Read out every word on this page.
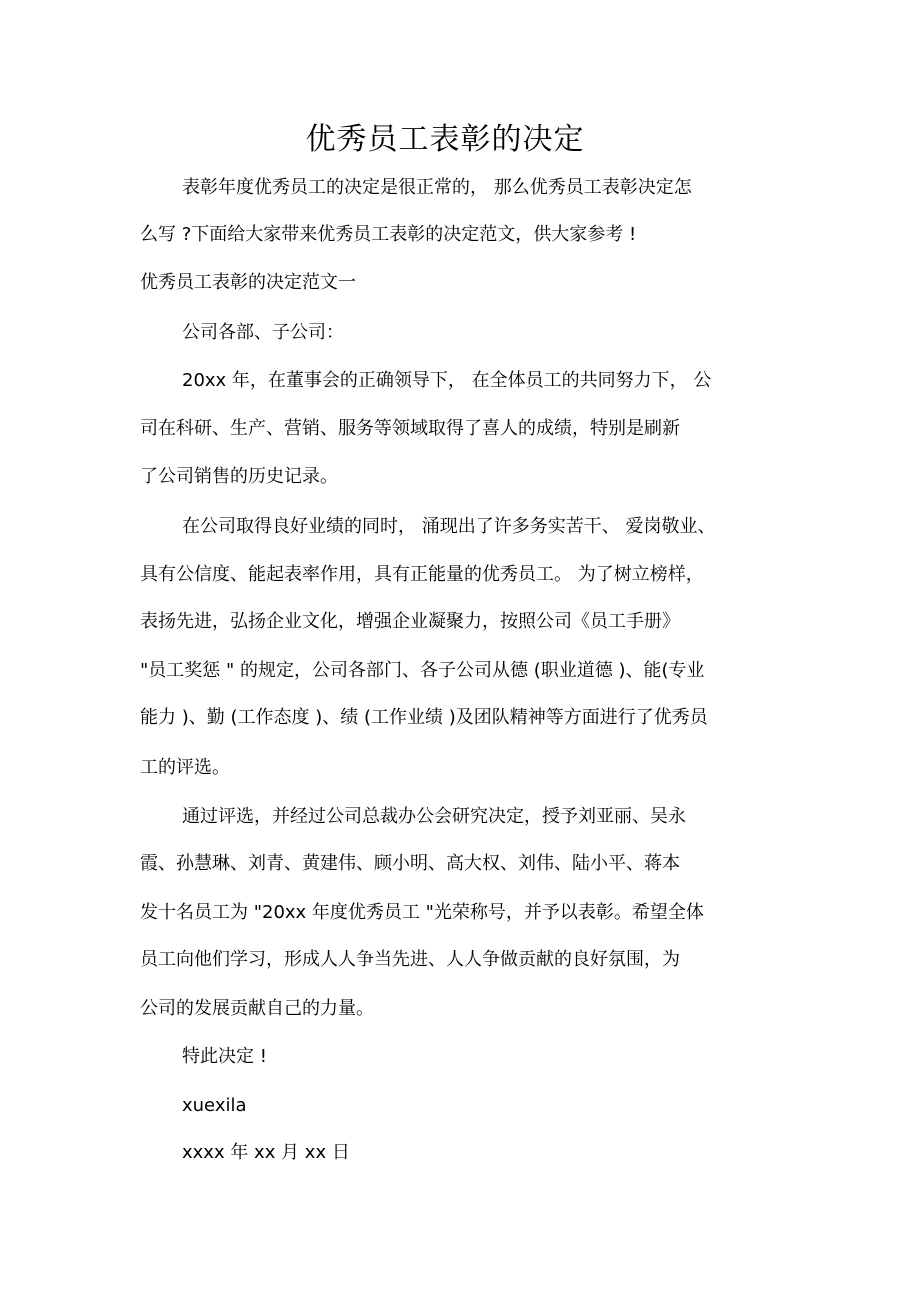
优秀员工表彰的决定

表彰年度优秀员工的决定是很正常的， 那么优秀员工表彰决定怎

么写 ?下面给大家带来优秀员工表彰的决定范文，供大家参考 !

优秀员工表彰的决定范文一

公司各部、子公司：

20xx 年，在董事会的正确领导下， 在全体员工的共同努力下， 公

司在科研、生产、营销、服务等领域取得了喜人的成绩，特别是刷新

了公司销售的历史记录。

在公司取得良好业绩的同时， 涌现出了许多务实苦干、 爱岗敬业、

具有公信度、能起表率作用，具有正能量的优秀员工。 为了树立榜样，

表扬先进，弘扬企业文化，增强企业凝聚力，按照公司《员工手册》

"员工奖惩 " 的规定，公司各部门、各子公司从德 (职业道德 )、能(专业

能力 )、勤 (工作态度 )、绩 (工作业绩 )及团队精神等方面进行了优秀员

工的评选。

通过评选，并经过公司总裁办公会研究决定，授予刘亚丽、吴永

霞、孙慧琳、刘青、黄建伟、顾小明、高大权、刘伟、陆小平、蒋本

发十名员工为 "20xx 年度优秀员工 "光荣称号，并予以表彰。希望全体

员工向他们学习，形成人人争当先进、人人争做贡献的良好氛围，为

公司的发展贡献自己的力量。

特此决定 !

xuexila

xxxx 年 xx 月 xx 日
